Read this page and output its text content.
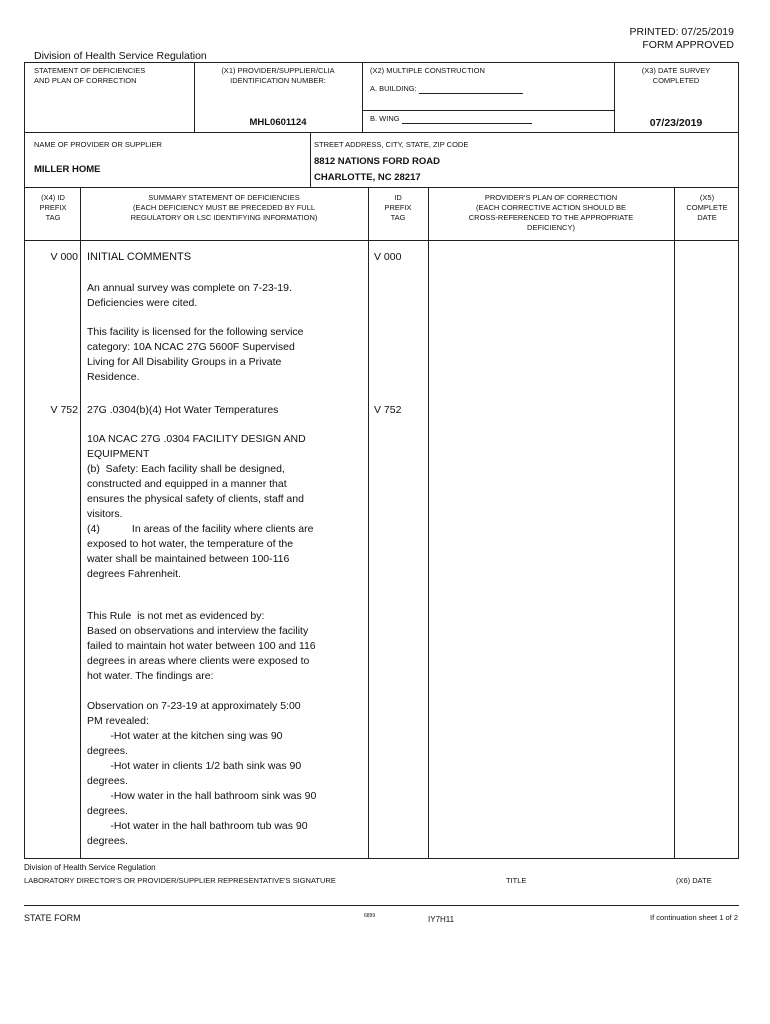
PRINTED: 07/25/2019
FORM APPROVED
Division of Health Service Regulation
STATEMENT OF DEFICIENCIES
AND PLAN OF CORRECTION
(X1) PROVIDER/SUPPLIER/CLIA
IDENTIFICATION NUMBER:
MHL0601124
(X2) MULTIPLE CONSTRUCTION
A. BUILDING:
B. WING
(X3) DATE SURVEY
COMPLETED
07/23/2019
NAME OF PROVIDER OR SUPPLIER
MILLER HOME
STREET ADDRESS, CITY, STATE, ZIP CODE
8812 NATIONS FORD ROAD
CHARLOTTE, NC 28217
(X4) ID
PREFIX
TAG
SUMMARY STATEMENT OF DEFICIENCIES
(EACH DEFICIENCY MUST BE PRECEDED BY FULL
REGULATORY OR LSC IDENTIFYING INFORMATION)
ID
PREFIX
TAG
PROVIDER'S PLAN OF CORRECTION
(EACH CORRECTIVE ACTION SHOULD BE
CROSS-REFERENCED TO THE APPROPRIATE
DEFICIENCY)
(X5)
COMPLETE
DATE
V 000 INITIAL COMMENTS	V 000
An annual survey was complete on 7-23-19.
Deficiencies were cited.
This facility is licensed for the following service
category: 10A NCAC 27G 5600F Supervised
Living for All Disability Groups in a Private
Residence.
V 752 27G .0304(b)(4) Hot Water Temperatures	V 752
10A NCAC 27G .0304 FACILITY DESIGN AND
EQUIPMENT
(b)  Safety: Each facility shall be designed,
constructed and equipped in a manner that
ensures the physical safety of clients, staff and
visitors.
(4)           In areas of the facility where clients are
exposed to hot water, the temperature of the
water shall be maintained between 100-116
degrees Fahrenheit.
This Rule  is not met as evidenced by:
Based on observations and interview the facility
failed to maintain hot water between 100 and 116
degrees in areas where clients were exposed to
hot water. The findings are:
Observation on 7-23-19 at approximately 5:00
PM revealed:
-Hot water at the kitchen sing was 90
degrees.
-Hot water in clients 1/2 bath sink was 90
degrees.
-How water in the hall bathroom sink was 90
degrees.
-Hot water in the hall bathroom tub was 90
degrees.
Division of Health Service Regulation
LABORATORY DIRECTOR'S OR PROVIDER/SUPPLIER REPRESENTATIVE'S SIGNATURE	TITLE	(X6) DATE
STATE FORM	6899	IY7H11	If continuation sheet 1 of 2
